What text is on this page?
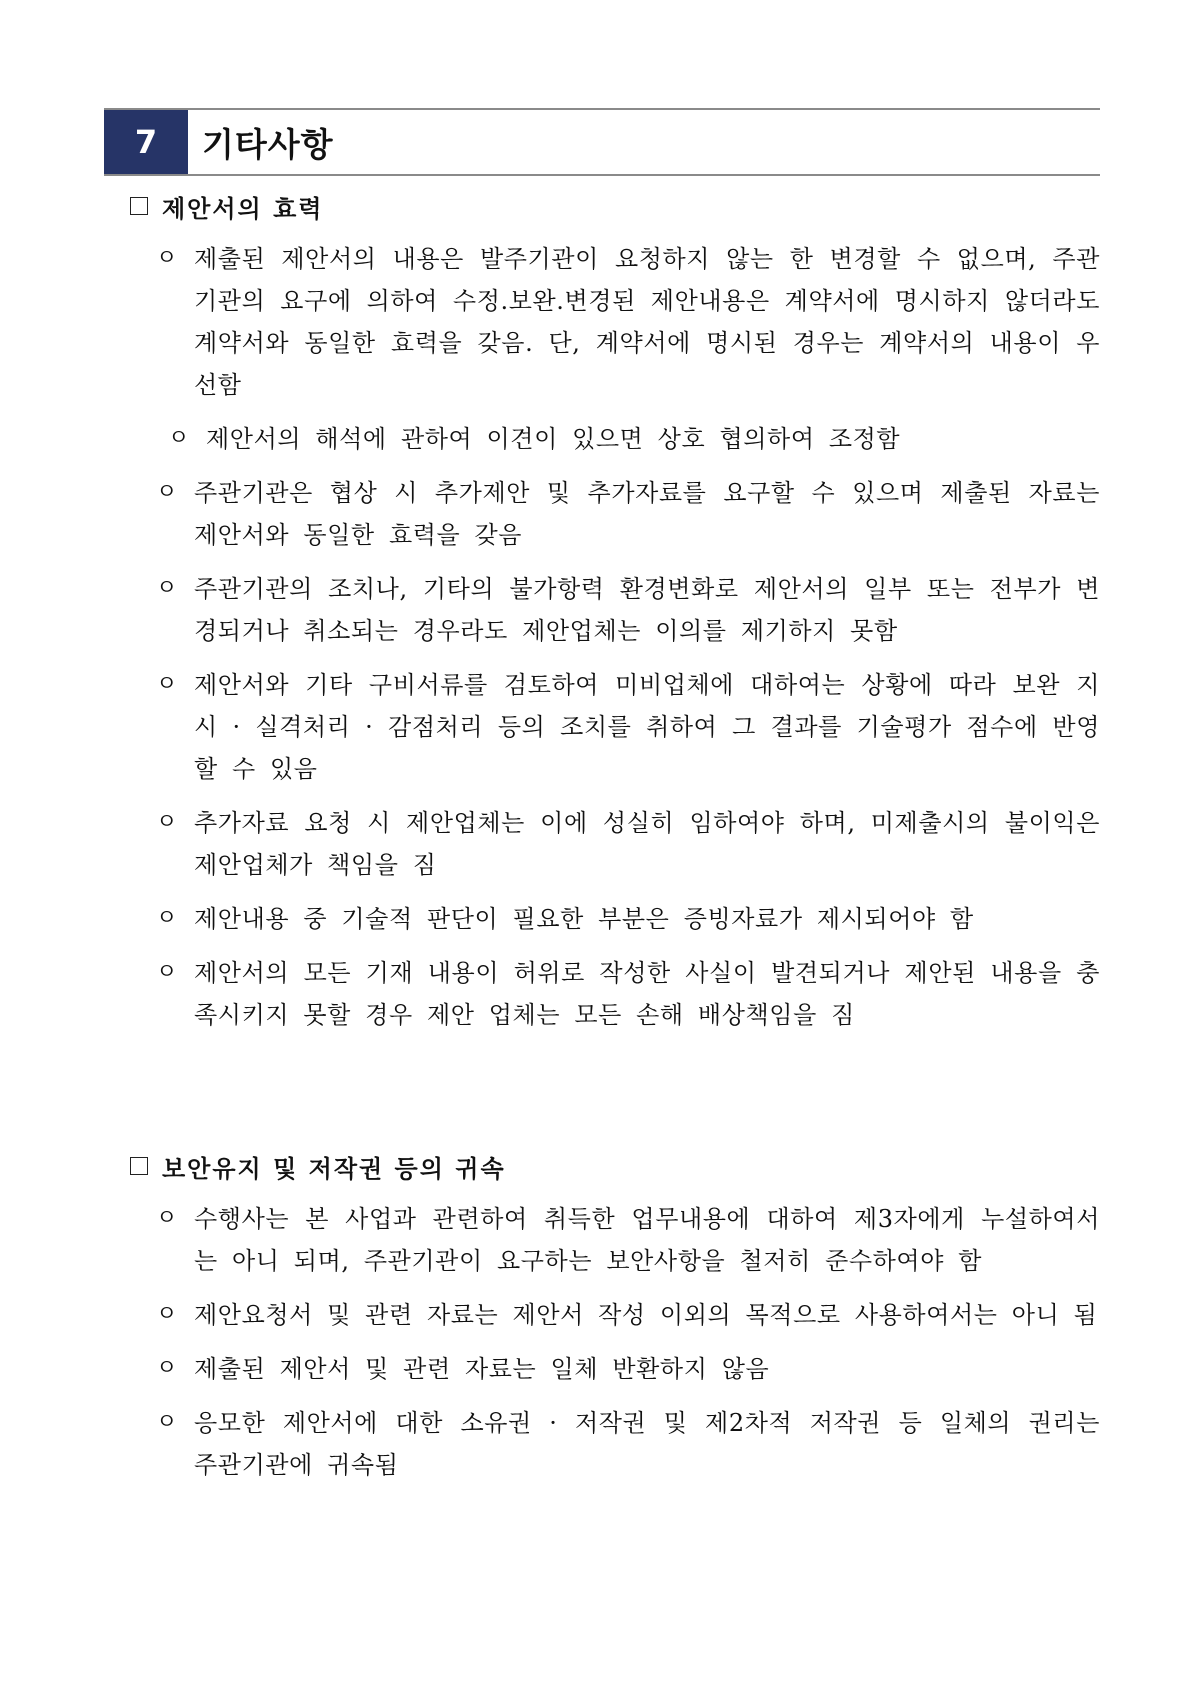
7	기타사항
제안서의 효력
ㅇ 제출된 제안서의 내용은 발주기관이 요청하지 않는 한 변경할 수 없으며, 주관기관의 요구에 의하여 수정.보완.변경된 제안내용은 계약서에 명시하지 않더라도 계약서와 동일한 효력을 갖음. 단, 계약서에 명시된 경우는 계약서의 내용이 우선함
ㅇ 제안서의 해석에 관하여 이견이 있으면 상호 협의하여 조정함
ㅇ 주관기관은 협상 시 추가제안 및 추가자료를 요구할 수 있으며 제출된 자료는 제안서와 동일한 효력을 갖음
ㅇ 주관기관의 조치나, 기타의 불가항력 환경변화로 제안서의 일부 또는 전부가 변경되거나 취소되는 경우라도 제안업체는 이의를 제기하지 못함
ㅇ 제안서와 기타 구비서류를 검토하여 미비업체에 대하여는 상황에 따라 보완 지시 · 실격처리 · 감점처리 등의 조치를 취하여 그 결과를 기술평가 점수에 반영할 수 있음
ㅇ 추가자료 요청 시 제안업체는 이에 성실히 임하여야 하며, 미제출시의 불이익은 제안업체가 책임을 짐
ㅇ 제안내용 중 기술적 판단이 필요한 부분은 증빙자료가 제시되어야 함
ㅇ 제안서의 모든 기재 내용이 허위로 작성한 사실이 발견되거나 제안된 내용을 충족시키지 못할 경우 제안 업체는 모든 손해 배상책임을 짐
보안유지 및 저작권 등의 귀속
ㅇ 수행사는 본 사업과 관련하여 취득한 업무내용에 대하여 제3자에게 누설하여서는 아니 되며, 주관기관이 요구하는 보안사항을 철저히 준수하여야 함
ㅇ 제안요청서 및 관련 자료는 제안서 작성 이외의 목적으로 사용하여서는 아니 됨
ㅇ 제출된 제안서 및 관련 자료는 일체 반환하지 않음
ㅇ 응모한 제안서에 대한 소유권 · 저작권 및 제2차적 저작권 등 일체의 권리는 주관기관에 귀속됨
